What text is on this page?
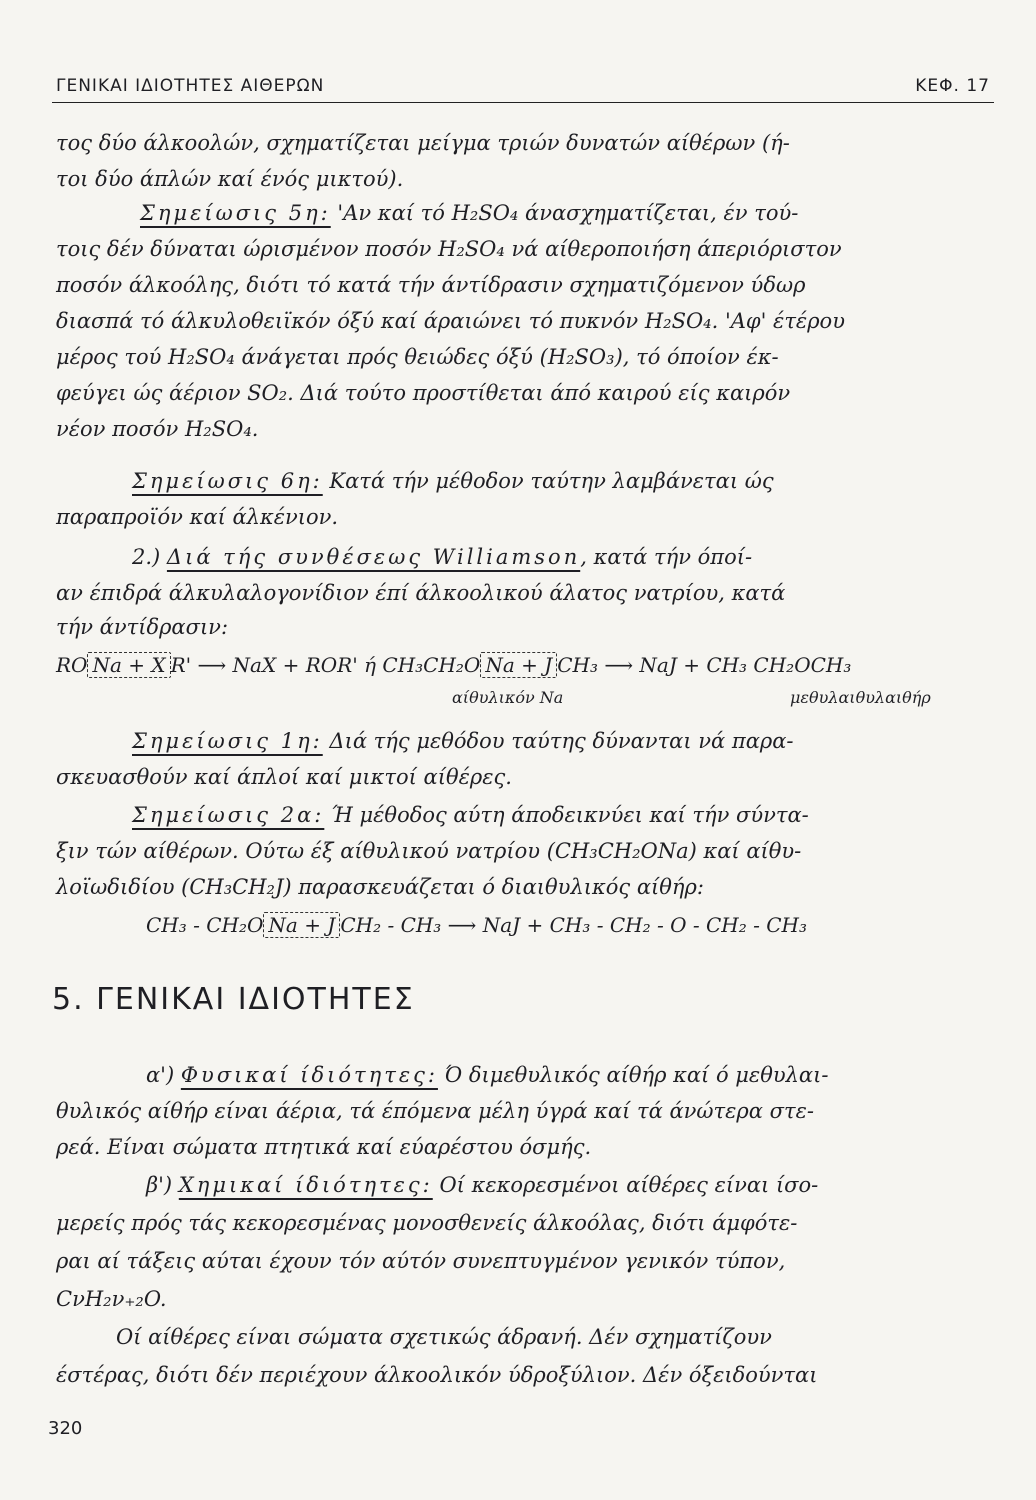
ΓΕΝΙΚΑΙ ΙΔΙΟΤΗΤΕΣ ΑΙΘΕΡΩΝ	ΚΕΦ. 17
τος δύο άλκοολών, σχηματίζεται μείγμα τριών δυνατών αίθέρων (ή-
τοι δύο άπλών καί ένός μικτού).
Σημείωσις 5η: 'Αν καί τό H₂SO₄ άνασχηματίζεται, έν τού-
τοις δέν δύναται ώρισμένον ποσόν H₂SO₄ νά αίθεροποιήση άπεριόριστον
ποσόν άλκοόλης, διότι τό κατά τήν άντίδρασιν σχηματιζόμενον ύδωρ
διασπά τό άλκυλοθειϊκόν όξύ καί άραιώνει τό πυκνόν H₂SO₄. 'Αφ' έτέρου
μέρος τού H₂SO₄ άνάγεται πρός θειώδες όξύ (H₂SO₃), τό όποίον έκ-
φεύγει ώς άέριον SO₂. Διά τούτο προστίθεται άπό καιρού είς καιρόν
νέον ποσόν H₂SO₄.
Σημείωσις 6η: Κατά τήν μέθοδον ταύτην λαμβάνεται ώς
παραπροϊόν καί άλκένιον.
2.) Διά τής συνθέσεως Williamson, κατά τήν όποί-
αν έπιδρά άλκυλαλογονίδιον έπί άλκοολικού άλατος νατρίου, κατά
τήν άντίδρασιν:
RO Na + X R' ⟶ NaX + ROR' ή CH₃CH₂O Na + J CH₃ ⟶ NaJ + CH₃ CH₂OCH₃
αίθυλικόν Na	μεθυλαιθυλαιθήρ
Σημείωσις 1η: Διά τής μεθόδου ταύτης δύνανται νά παρα-
σκευασθούν καί άπλοί καί μικτοί αίθέρες.
Σημείωσις 2α: Ή μέθοδος αύτη άποδεικνύει καί τήν σύντα-
ξιν τών αίθέρων. Ούτω έξ αίθυλικού νατρίου (CH₃CH₂ONa) καί αίθυ-
λοϊωδιδίου (CH₃CH₂J) παρασκευάζεται ό διαιθυλικός αίθήρ:
CH₃ - CH₂O Na + J CH₂ - CH₃ ⟶ NaJ + CH₃ - CH₂ - O - CH₂ - CH₃
5. ΓΕΝΙΚΑΙ ΙΔΙΟΤΗΤΕΣ
α') Φυσικαί ίδιότητες: Ό διμεθυλικός αίθήρ καί ό μεθυλαι-
θυλικός αίθήρ είναι άέρια, τά έπόμενα μέλη ύγρά καί τά άνώτερα στε-
ρεά. Είναι σώματα πτητικά καί εύαρέστου όσμής.
β') Χημικαί ίδιότητες: Οί κεκορεσμένοι αίθέρες είναι ίσο-
μερείς πρός τάς κεκορεσμένας μονοσθενείς άλκοόλας, διότι άμφότε-
ραι αί τάξεις αύται έχουν τόν αύτόν συνεπτυγμένον γενικόν τύπον,
CνH₂ν₊₂O.
Οί αίθέρες είναι σώματα σχετικώς άδρανή. Δέν σχηματίζουν
έστέρας, διότι δέν περιέχουν άλκοολικόν ύδροξύλιον. Δέν όξειδούνται
320
